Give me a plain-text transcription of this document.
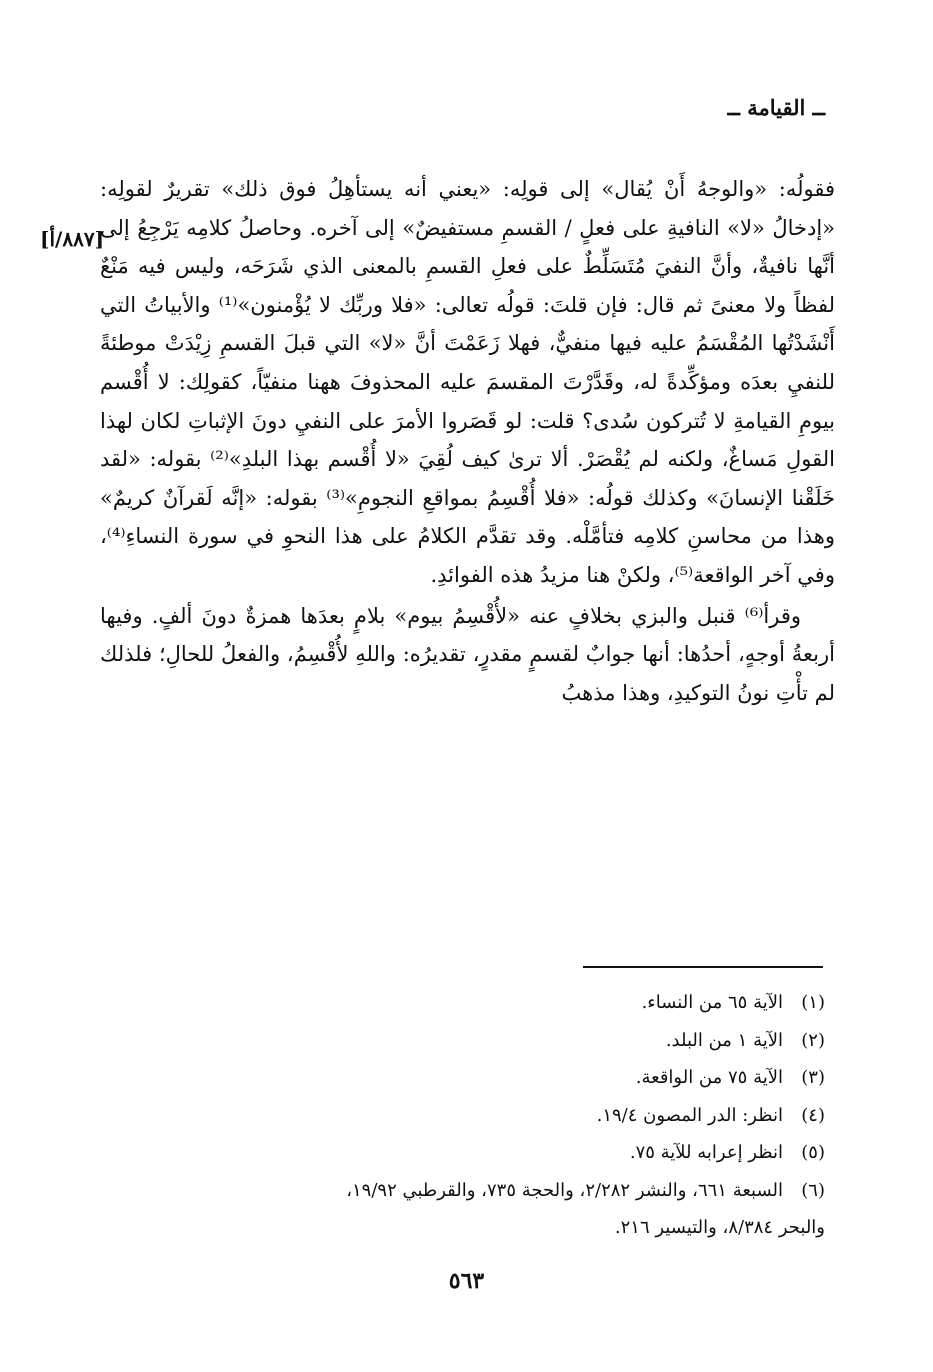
ــ القيامة ــ
[٨٨٧/أ]

فقولُه: «والوجهُ أَنْ يُقال» إلى قولِه: «يعني أنه يستأهِلُ فوق ذلك» تقريرٌ لقولِه: «إدخالُ «لا» النافيةِ على فعلٍ / القسمِ مستفيضٌ» إلى آخره. وحاصلُ كلامِه يَرْجِعُ إلى أنَّها نافيةٌ، وأنَّ النفيَ مُتَسَلِّطٌ على فعلِ القسمِ بالمعنى الذي شَرَحَه، وليس فيه مَنْعٌ لفظاً ولا معنىً ثم قال: فإن قلتَ: قولُه تعالى: «فلا وربِّك لا يُؤْمنون»⁽¹⁾ والأبياتُ التي أَنْشَدْتُها المُقْسَمُ عليه فيها منفيٌّ، فهلا زَعَمْتَ أنَّ «لا» التي قبلَ القسمِ زِيْدَتْ موطئةً للنفيِ بعدَه ومؤكِّدةً له، وقَدَّرْتَ المقسمَ عليه المحذوفَ ههنا منفيّاً، كقولِك: لا أُقْسم بيومِ القيامةِ لا تُتركون سُدى؟ قلت: لو قَصَروا الأمرَ على النفيِ دونَ الإثباتِ لكان لهذا القولِ مَساغٌ، ولكنه لم يُقْصَرْ. ألا ترىٰ كيف لُقِيَ «لا أُقْسم بهذا البلدِ»⁽²⁾ بقوله: «لقد خَلَقْنا الإنسانَ» وكذلك قولُه: «فلا أُقْسِمُ بمواقعِ النجومِ»⁽³⁾ بقوله: «إنَّه لَقرآنٌ كريمٌ» وهذا من محاسنِ كلامِه فتأمَّلْه. وقد تقدَّم الكلامُ على هذا النحوِ في سورة النساءِ⁽⁴⁾، وفي آخر الواقعة⁽⁵⁾، ولكنْ هنا مزيدُ هذه الفوائدِ.

وقرأ⁽⁶⁾ قنبل والبزي بخلافٍ عنه «لأُقْسِمُ بيوم» بلامٍ بعدَها همزةٌ دونَ ألفٍ. وفيها أربعةُ أوجهٍ، أحدُها: أنها جوابٌ لقسمٍ مقدرٍ، تقديرُه: واللهِ لأُقْسِمُ، والفعلُ للحالِ؛ فلذلك لم تأْتِ نونُ التوكيدِ، وهذا مذهبُ

(١)الآية ٦٥ من النساء.
(٢)الآية ١ من البلد.
(٣)الآية ٧٥ من الواقعة.
(٤)انظر: الدر المصون ١٩/٤.
(٥)انظر إعرابه للآية ٧٥.
(٦)السبعة ٦٦١، والنشر ٢/٢٨٢، والحجة ٧٣٥، والقرطبي ١٩/٩٢،
والبحر ٨/٣٨٤، والتيسير ٢١٦.
٥٦٣
